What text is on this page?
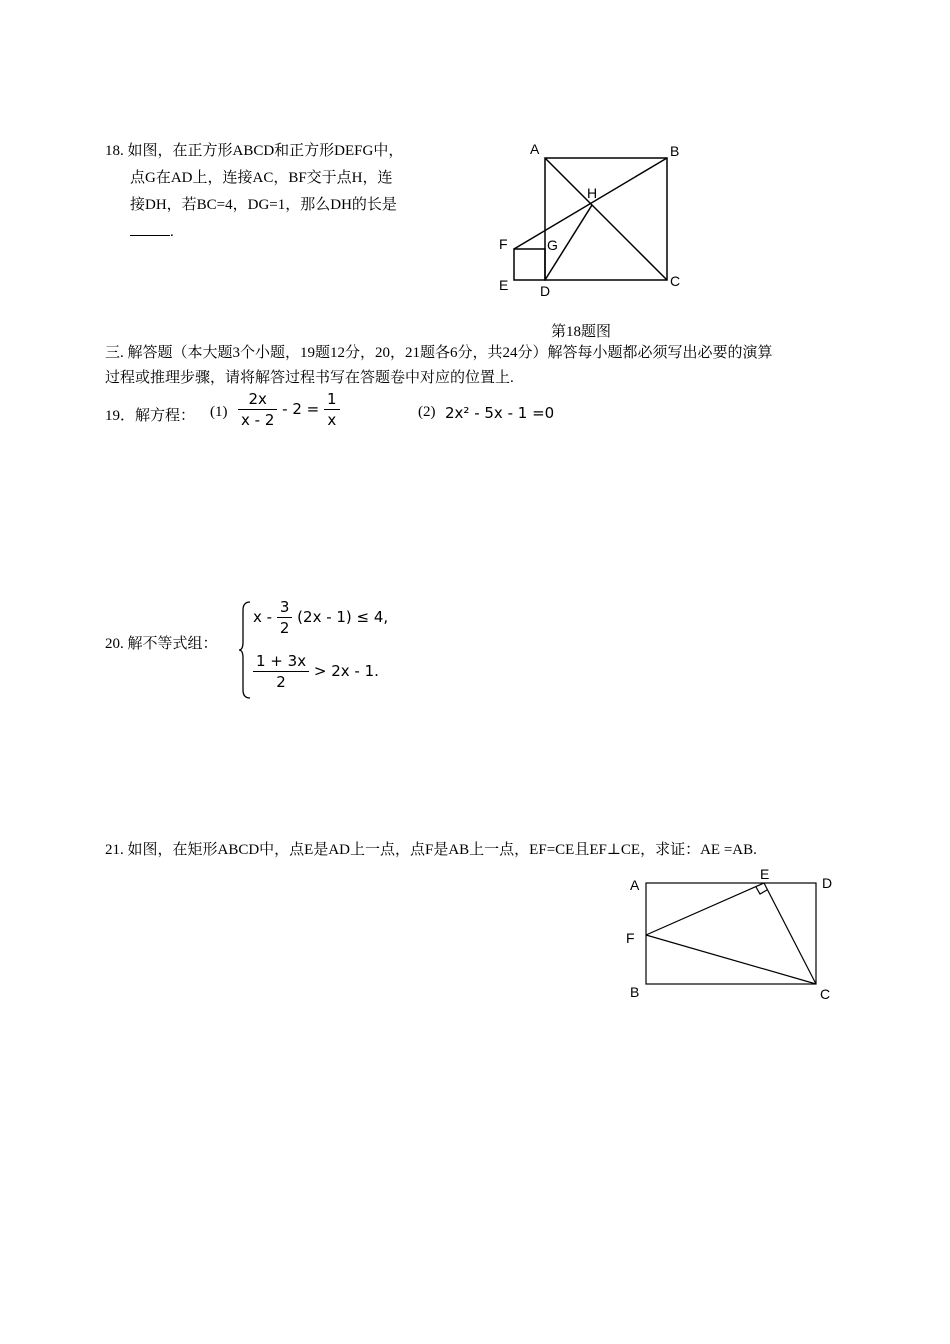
18. 如图，在正方形ABCD和正方形DEFG中，
点G在AD上，连接AC，BF交于点H，连
接DH，若BC=4，DG=1，那么DH的长是
.
A	B
C
D
E
F	G
H
第18题图
三. 解答题（本大题3个小题，19题12分，20，21题各6分，共24分）解答每小题都必须写出必要的演算
过程或推理步骤，请将解答过程书写在答题卷中对应的位置上.
19．解方程： $(1) \frac{2x}{x - 2} - 2 = \frac{1}{x}$	(2) 2x² - 5x - 1 =0
20. 解不等式组：
$x - \frac{3}{2} (2x - 1) \le 4$,
$\frac{1 + 3x}{2} > 2x - 1$.
21. 如图，在矩形ABCD中，点E是AD上一点，点F是AB上一点，EF=CE且EF⊥CE，求证：AE =AB.
A
B	C
D
E
F
